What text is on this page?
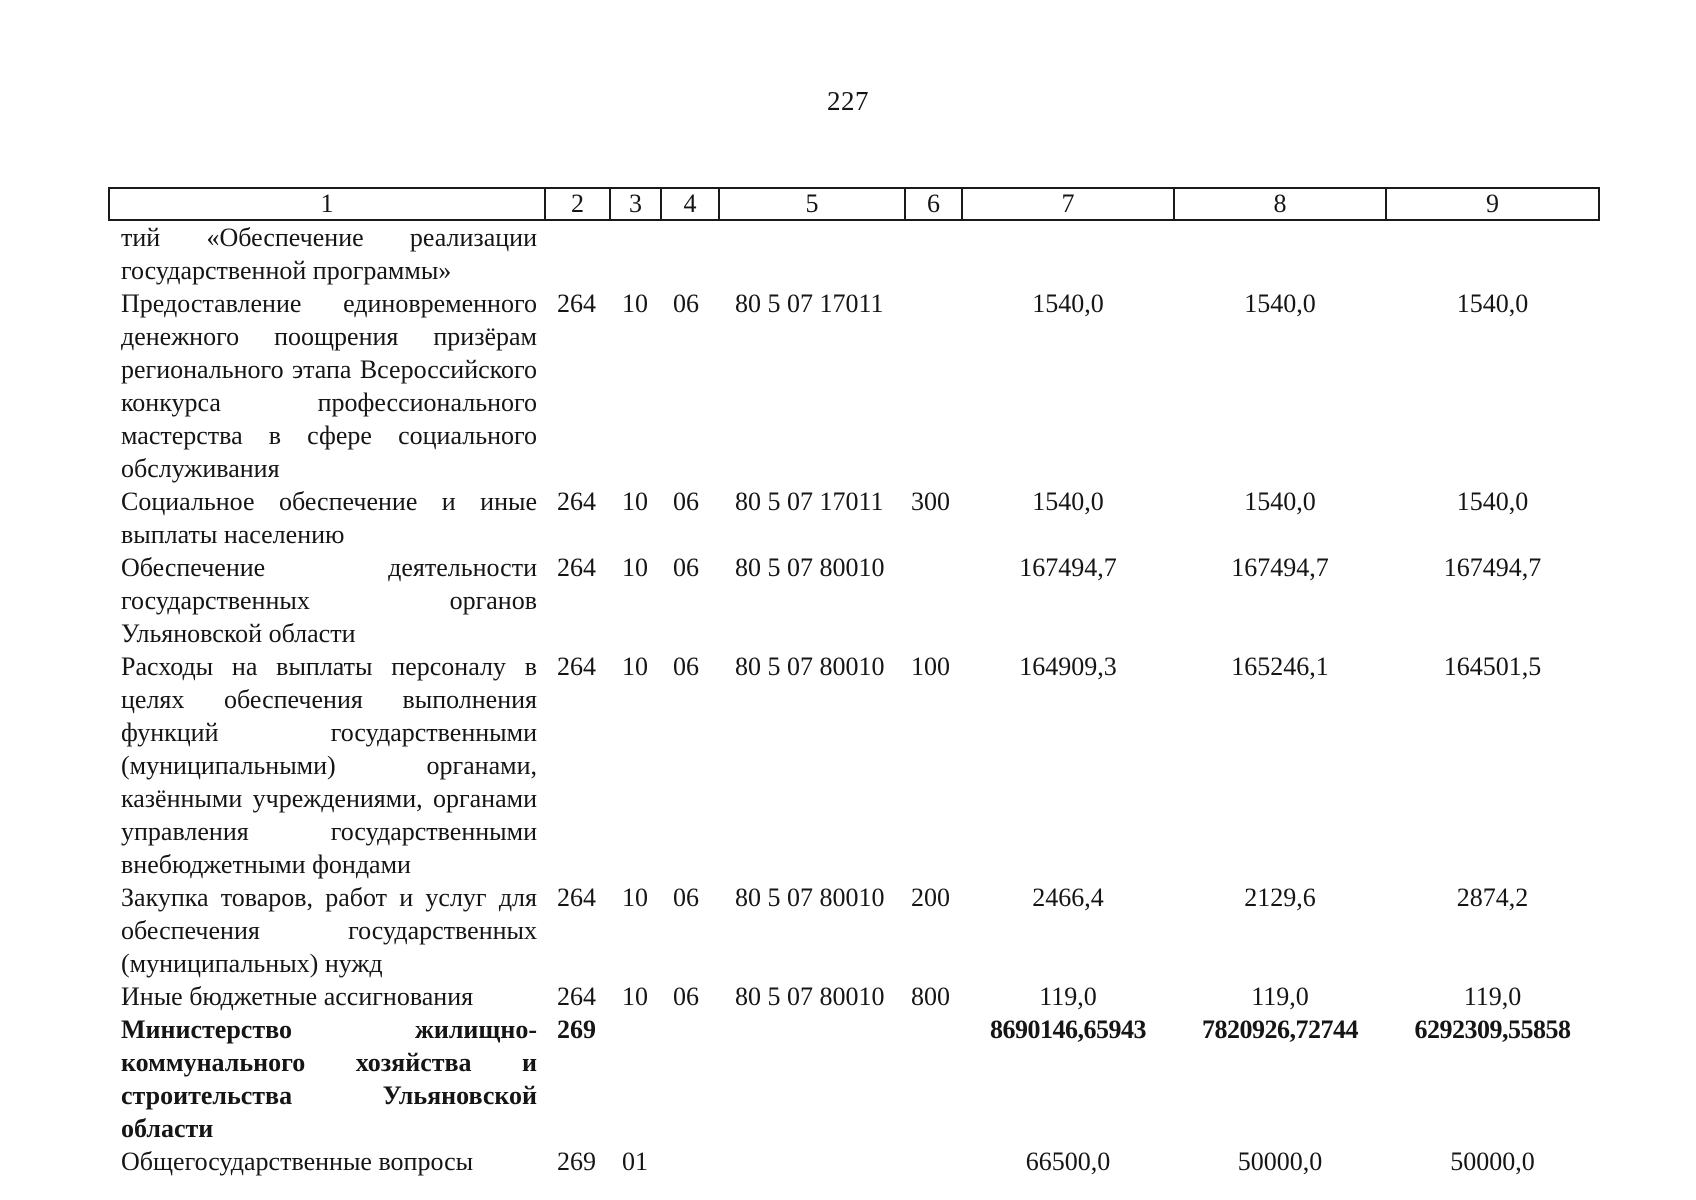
227
1	2	3	4	5	6	7	8	9
тий «Обеспечение реализации государственной программы»								
Предоставление единовременного денежного поощрения призёрам регионального этапа Всероссийского конкурса профессионального мастерства в сфере социального обслуживания	264	10	06	80 5 07 17011		1540,0	1540,0	1540,0
Социальное обеспечение и иные выплаты населению	264	10	06	80 5 07 17011	300	1540,0	1540,0	1540,0
Обеспечение деятельности государственных органов Ульяновской области	264	10	06	80 5 07 80010		167494,7	167494,7	167494,7
Расходы на выплаты персоналу в целях обеспечения выполнения функций государственными (муниципальными) органами, казёнными учреждениями, органами управления государственными внебюджетными фондами	264	10	06	80 5 07 80010	100	164909,3	165246,1	164501,5
Закупка товаров, работ и услуг для обеспечения государственных (муниципальных) нужд	264	10	06	80 5 07 80010	200	2466,4	2129,6	2874,2
Иные бюджетные ассигнования	264	10	06	80 5 07 80010	800	119,0	119,0	119,0
Министерство жилищно-коммунального хозяйства и строительства Ульяновской области	269					8690146,65943	7820926,72744	6292309,55858
Общегосударственные вопросы	269	01				66500,0	50000,0	50000,0
